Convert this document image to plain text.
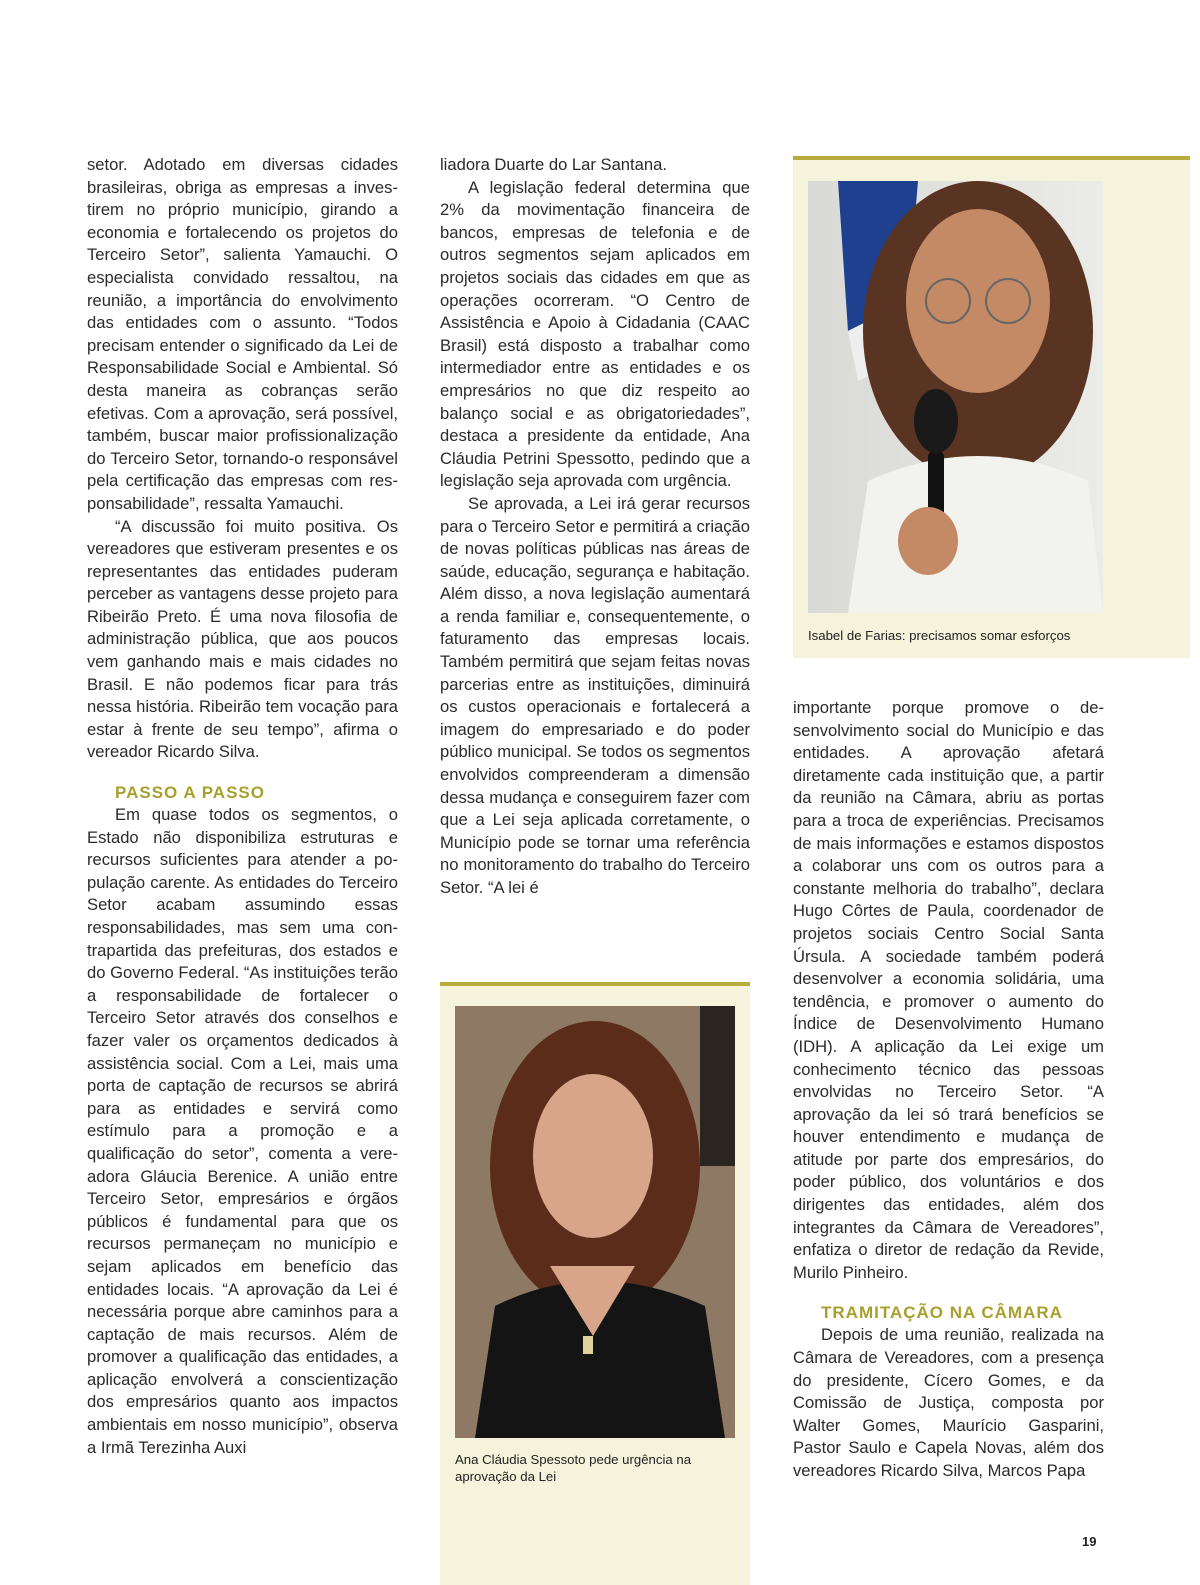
setor. Adotado em diversas cidades brasileiras, obriga as empresas a investirem no próprio município, girando a economia e fortalecendo os projetos do Terceiro Setor”, salienta Yamauchi. O especialista convidado ressaltou, na reunião, a importância do envolvimento das entidades com o assunto. “Todos precisam entender o significado da Lei de Responsabilidade Social e Ambiental. Só desta maneira as cobranças serão efetivas. Com a aprovação, será possível, também, buscar maior profissionalização do Terceiro Setor, tornando-o responsável pela certificação das empresas com responsabilidade”, ressalta Yamauchi.

“A discussão foi muito positiva. Os vereadores que estiveram presentes e os representantes das entidades puderam perceber as vantagens desse projeto para Ribeirão Preto. É uma nova filosofia de administração pública, que aos poucos vem ganhando mais e mais cidades no Brasil. E não podemos ficar para trás nessa história. Ribeirão tem vocação para estar à frente de seu tempo”, afirma o vereador Ricardo Silva.

PASSO A PASSO

Em quase todos os segmentos, o Estado não disponibiliza estruturas e recursos suficientes para atender a população carente. As entidades do Terceiro Setor acabam assumindo essas responsabilidades, mas sem uma contrapartida das prefeituras, dos estados e do Governo Federal. “As instituições terão a responsabilidade de fortalecer o Terceiro Setor através dos conselhos e fazer valer os orçamentos dedicados à assistência social. Com a Lei, mais uma porta de captação de recursos se abrirá para as entidades e servirá como estímulo para a promoção e a qualificação do setor”, comenta a vereadora Gláucia Berenice. A união entre Terceiro Setor, empresários e órgãos públicos é fundamental para que os recursos permaneçam no município e sejam aplicados em benefício das entidades locais. “A aprovação da Lei é necessária porque abre caminhos para a captação de mais recursos. Além de promover a qualificação das entidades, a aplicação envolverá a conscientização dos empresários quanto aos impactos ambientais em nosso município”, observa a Irmã Terezinha Auxi

liadora Duarte do Lar Santana.

A legislação federal determina que 2% da movimentação financeira de bancos, empresas de telefonia e de outros segmentos sejam aplicados em projetos sociais das cidades em que as operações ocorreram. “O Centro de Assistência e Apoio à Cidadania (CAAC Brasil) está disposto a trabalhar como intermediador entre as entidades e os empresários no que diz respeito ao balanço social e as obrigatoriedades”, destaca a presidente da entidade, Ana Cláudia Petrini Spessotto, pedindo que a legislação seja aprovada com urgência.

Se aprovada, a Lei irá gerar recursos para o Terceiro Setor e permitirá a criação de novas políticas públicas nas áreas de saúde, educação, segurança e habitação. Além disso, a nova legislação aumentará a renda familiar e, consequentemente, o faturamento das empresas locais. Também permitirá que sejam feitas novas parcerias entre as instituições, diminuirá os custos operacionais e fortalecerá a imagem do empresariado e do poder público municipal. Se todos os segmentos envolvidos compreenderam a dimensão dessa mudança e conseguirem fazer com que a Lei seja aplicada corretamente, o Município pode se tornar uma referência no monitoramento do trabalho do Terceiro Setor. “A lei é

Isabel de Farias: precisamos somar esforços
Ana Cláudia Spessoto pede urgência na aprovação da Lei

importante porque promove o desenvolvimento social do Município e das entidades. A aprovação afetará diretamente cada instituição que, a partir da reunião na Câmara, abriu as portas para a troca de experiências. Precisamos de mais informações e estamos dispostos a colaborar uns com os outros para a constante melhoria do trabalho”, declara Hugo Côrtes de Paula, coordenador de projetos sociais Centro Social Santa Úrsula. A sociedade também poderá desenvolver a economia solidária, uma tendência, e promover o aumento do Índice de Desenvolvimento Humano (IDH). A aplicação da Lei exige um conhecimento técnico das pessoas envolvidas no Terceiro Setor. “A aprovação da lei só trará benefícios se houver entendimento e mudança de atitude por parte dos empresários, do poder público, dos voluntários e dos dirigentes das entidades, além dos integrantes da Câmara de Vereadores”, enfatiza o diretor de redação da Revide, Murilo Pinheiro.

TRAMITAÇÃO NA CÂMARA

Depois de uma reunião, realizada na Câmara de Vereadores, com a presença do presidente, Cícero Gomes, e da Comissão de Justiça, composta por Walter Gomes, Maurício Gasparini, Pastor Saulo e Capela Novas, além dos vereadores Ricardo Silva, Marcos Papa

19
